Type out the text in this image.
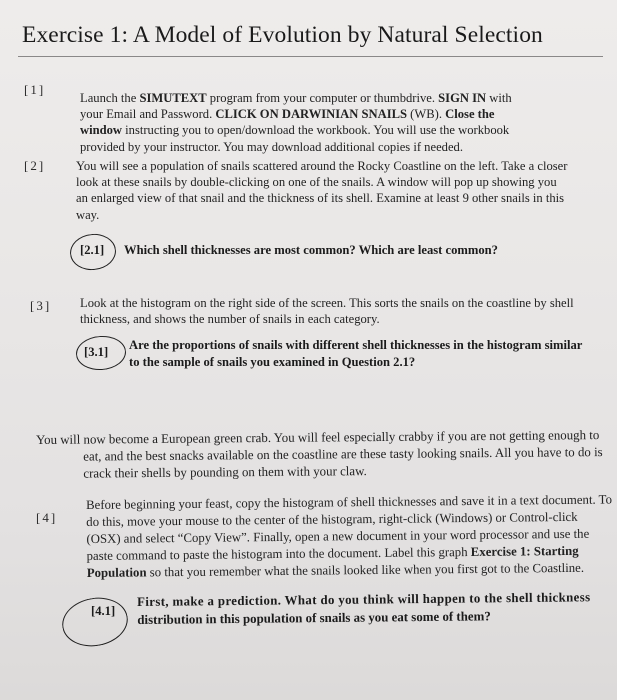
Exercise 1: A Model of Evolution by Natural Selection
[1]
Launch the SIMUTEXT program from your computer or thumbdrive. SIGN IN with
your Email and Password. CLICK ON DARWINIAN SNAILS (WB). Close the
window instructing you to open/download the workbook. You will use the workbook
provided by your instructor. You may download additional copies if needed.
[2] You will see a population of snails scattered around the Rocky Coastline on the left. Take a closer
look at these snails by double-clicking on one of the snails. A window will pop up showing you
an enlarged view of that snail and the thickness of its shell. Examine at least 9 other snails in this
way.
[2.1] Which shell thicknesses are most common? Which are least common?
[3] Look at the histogram on the right side of the screen. This sorts the snails on the coastline by shell
thickness, and shows the number of snails in each category.
[3.1] Are the proportions of snails with different shell thicknesses in the histogram similar
to the sample of snails you examined in Question 2.1?
You will now become a European green crab. You will feel especially crabby if you are not getting enough to
eat, and the best snacks available on the coastline are these tasty looking snails. All you have to do is
crack their shells by pounding on them with your claw.
[4]
Before beginning your feast, copy the histogram of shell thicknesses and save it in a text document. To
do this, move your mouse to the center of the histogram, right-click (Windows) or Control-click
(OSX) and select “Copy View”. Finally, open a new document in your word processor and use the
paste command to paste the histogram into the document. Label this graph Exercise 1: Starting
Population so that you remember what the snails looked like when you first got to the Coastline.
[4.1]
First, make a prediction. What do you think will happen to the shell thickness
distribution in this population of snails as you eat some of them?
